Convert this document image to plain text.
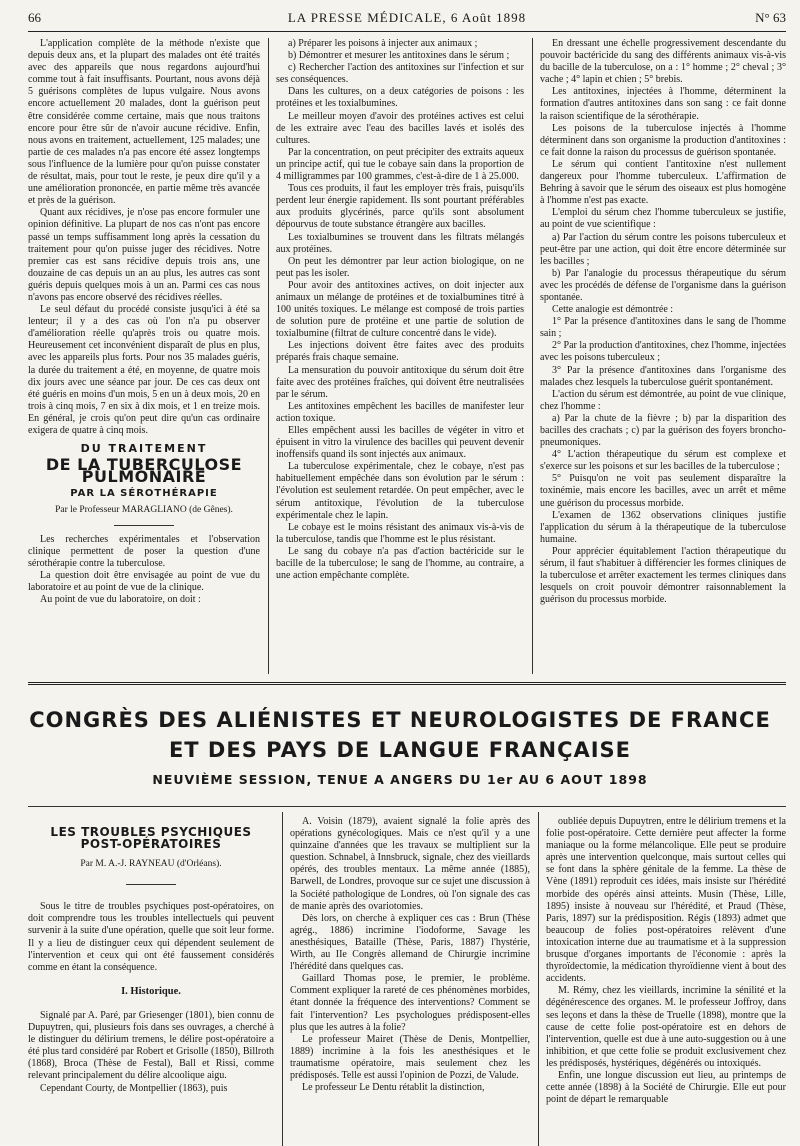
66	LA PRESSE MÉDICALE, 6 Août 1898	N° 63

L'application complète de la méthode n'existe que depuis deux ans, et la plupart des malades ont été traités avec des appareils que nous regardons aujourd'hui comme tout à fait insuffisants. Pourtant, nous avons déjà 5 guérisons complètes de lupus vulgaire. Nous avons encore actuellement 20 malades, dont la guérison peut être considérée comme certaine, mais que nous traitons encore pour être sûr de n'avoir aucune récidive. Enfin, nous avons en traitement, actuellement, 125 malades; une partie de ces malades n'a pas encore été assez longtemps sous l'influence de la lumière pour qu'on puisse constater de résultat, mais, pour tout le reste, je peux dire qu'il y a une amélioration prononcée, en partie même très avancée et près de la guérison.

Quant aux récidives, je n'ose pas encore formuler une opinion définitive. La plupart de nos cas n'ont pas encore passé un temps suffisamment long après la cessation du traitement pour qu'on puisse juger des récidives. Notre premier cas est sans récidive depuis trois ans, une douzaine de cas depuis un an au plus, les autres cas sont guéris depuis quelques mois à un an. Parmi ces cas nous n'avons pas encore observé des récidives réelles.

Le seul défaut du procédé consiste jusqu'ici à été sa lenteur; il y a des cas où l'on n'a pu observer d'amélioration réelle qu'après trois ou quatre mois. Heureusement cet inconvénient disparaît de plus en plus, avec les appareils plus forts. Pour nos 35 malades guéris, la durée du traitement a été, en moyenne, de quatre mois dix jours avec une séance par jour. De ces cas deux ont été guéris en moins d'un mois, 5 en un à deux mois, 20 en trois à cinq mois, 7 en six à dix mois, et 1 en treize mois. En général, je crois qu'on peut dire qu'un cas ordinaire exigera de quatre à cinq mois.

DU TRAITEMENT
DE LA TUBERCULOSE PULMONAIRE
PAR LA SÉROTHÉRAPIE
Par le Professeur MARAGLIANO (de Gênes).

Les recherches expérimentales et l'observation clinique permettent de poser la question d'une sérothérapie contre la tuberculose.

La question doit être envisagée au point de vue du laboratoire et au point de vue de la clinique.

Au point de vue du laboratoire, on doit :

a) Préparer les poisons à injecter aux animaux ;

b) Démontrer et mesurer les antitoxines dans le sérum ;

c) Rechercher l'action des antitoxines sur l'infection et sur ses conséquences.

Dans les cultures, on a deux catégories de poisons : les protéines et les toxialbumines.

Le meilleur moyen d'avoir des protéines actives est celui de les extraire avec l'eau des bacilles lavés et isolés des cultures.

Par la concentration, on peut précipiter des extraits aqueux un principe actif, qui tue le cobaye sain dans la proportion de 4 milligrammes par 100 grammes, c'est-à-dire de 1 à 25.000.

Tous ces produits, il faut les employer très frais, puisqu'ils perdent leur énergie rapidement. Ils sont pourtant préférables aux produits glycérinés, parce qu'ils sont absolument dépourvus de toute substance étrangère aux bacilles.

Les toxialbumines se trouvent dans les filtrats mélangés aux protéines.

On peut les démontrer par leur action biologique, on ne peut pas les isoler.

Pour avoir des antitoxines actives, on doit injecter aux animaux un mélange de protéines et de toxialbumines titré à 100 unités toxiques. Le mélange est composé de trois parties de solution pure de protéine et une partie de solution de toxialbumine (filtrat de culture concentré dans le vide).

Les injections doivent être faites avec des produits préparés frais chaque semaine.

La mensuration du pouvoir antitoxique du sérum doit être faite avec des protéines fraîches, qui doivent être neutralisées par le sérum.

Les antitoxines empêchent les bacilles de manifester leur action toxique.

Elles empêchent aussi les bacilles de végéter in vitro et épuisent in vitro la virulence des bacilles qui peuvent devenir inoffensifs quand ils sont injectés aux animaux.

La tuberculose expérimentale, chez le cobaye, n'est pas habituellement empêchée dans son évolution par le sérum : l'évolution est seulement retardée. On peut empêcher, avec le sérum antitoxique, l'évolution de la tuberculose expérimentale chez le lapin.

Le cobaye est le moins résistant des animaux vis-à-vis de la tuberculose, tandis que l'homme est le plus résistant.

Le sang du cobaye n'a pas d'action bactéricide sur le bacille de la tuberculose; le sang de l'homme, au contraire, a une action empêchante complète.

En dressant une échelle progressivement descendante du pouvoir bactéricide du sang des différents animaux vis-à-vis du bacille de la tuberculose, on a : 1° homme ; 2° cheval ; 3° vache ; 4° lapin et chien ; 5° brebis.

Les antitoxines, injectées à l'homme, déterminent la formation d'autres antitoxines dans son sang : ce fait donne la raison scientifique de la sérothérapie.

Les poisons de la tuberculose injectés à l'homme déterminent dans son organisme la production d'antitoxines : ce fait donne la raison du processus de guérison spontanée.

Le sérum qui contient l'antitoxine n'est nullement dangereux pour l'homme tuberculeux. L'affirmation de Behring à savoir que le sérum des oiseaux est plus homogène à l'homme n'est pas exacte.

L'emploi du sérum chez l'homme tuberculeux se justifie, au point de vue scientifique :

a) Par l'action du sérum contre les poisons tuberculeux et peut-être par une action, qui doit être encore déterminée sur les bacilles ;

b) Par l'analogie du processus thérapeutique du sérum avec les procédés de défense de l'organisme dans la guérison spontanée.

Cette analogie est démontrée :

1° Par la présence d'antitoxines dans le sang de l'homme sain ;

2° Par la production d'antitoxines, chez l'homme, injectées avec les poisons tuberculeux ;

3° Par la présence d'antitoxines dans l'organisme des malades chez lesquels la tuberculose guérit spontanément.

L'action du sérum est démontrée, au point de vue clinique, chez l'homme :

a) Par la chute de la fièvre ; b) par la disparition des bacilles des crachats ; c) par la guérison des foyers broncho-pneumoniques.

4° L'action thérapeutique du sérum est complexe et s'exerce sur les poisons et sur les bacilles de la tuberculose ;

5° Puisqu'on ne voit pas seulement disparaître la toxinémie, mais encore les bacilles, avec un arrêt et même une guérison du processus morbide.

L'examen de 1362 observations cliniques justifie l'application du sérum à la thérapeutique de la tuberculose humaine.

Pour apprécier équitablement l'action thérapeutique du sérum, il faut s'habituer à différencier les formes cliniques de la tuberculose et arrêter exactement les termes cliniques dans lesquels on croit pouvoir démontrer raisonnablement la guérison du processus morbide.

CONGRÈS DES ALIÉNISTES ET NEUROLOGISTES DE FRANCE
ET DES PAYS DE LANGUE FRANÇAISE
NEUVIÈME SESSION, TENUE A ANGERS DU 1er AU 6 AOUT 1898
LES TROUBLES PSYCHIQUES POST-OPÉRATOIRES
Par M. A.-J. RAYNEAU (d'Orléans).

Sous le titre de troubles psychiques post-opératoires, on doit comprendre tous les troubles intellectuels qui peuvent survenir à la suite d'une opération, quelle que soit leur forme. Il y a lieu de distinguer ceux qui dépendent seulement de l'intervention et ceux qui ont été faussement considérés comme en étant la conséquence.

I. Historique.

Signalé par A. Paré, par Griesenger (1801), bien connu de Dupuytren, qui, plusieurs fois dans ses ouvrages, a cherché à le distinguer du délirium tremens, le délire post-opératoire a été plus tard considéré par Robert et Grisolle (1850), Billroth (1868), Broca (Thèse de Festal), Ball et Rissi, comme relevant principalement du délire alcoolique aigu.

Cependant Courty, de Montpellier (1863), puis

A. Voisin (1879), avaient signalé la folie après des opérations gynécologiques. Mais ce n'est qu'il y a une quinzaine d'années que les travaux se multiplient sur la question. Schnabel, à Innsbruck, signale, chez des vieillards opérés, des troubles mentaux. La même année (1885), Barwell, de Londres, provoque sur ce sujet une discussion à la Société pathologique de Londres, où l'on signale des cas de manie après des ovariotomies.

Dès lors, on cherche à expliquer ces cas : Brun (Thèse agrég., 1886) incrimine l'iodoforme, Savage les anesthésiques, Bataille (Thèse, Paris, 1887) l'hystérie, Wirth, au IIe Congrès allemand de Chirurgie incrimine l'hérédité dans quelques cas.

Gaillard Thomas pose, le premier, le problème. Comment expliquer la rareté de ces phénomènes morbides, étant donnée la fréquence des interventions? Comment se fait l'intervention? Les psychologues prédisposent-elles plus que les autres à la folie?

Le professeur Mairet (Thèse de Denis, Montpellier, 1889) incrimine à la fois les anesthésiques et le traumatisme opératoire, mais seulement chez les prédisposés. Telle est aussi l'opinion de Pozzi, de Valude.

Le professeur Le Dentu rétablit la distinction,

oubliée depuis Dupuytren, entre le délirium tremens et la folie post-opératoire. Cette dernière peut affecter la forme maniaque ou la forme mélancolique. Elle peut se produire après une intervention quelconque, mais surtout celles qui se font dans la sphère génitale de la femme. La thèse de Vène (1891) reproduit ces idées, mais insiste sur l'hérédité morbide des opérés ainsi atteints. Musin (Thèse, Lille, 1895) insiste à nouveau sur l'hérédité, et Praud (Thèse, Paris, 1897) sur la prédisposition. Régis (1893) admet que beaucoup de folies post-opératoires relèvent d'une intoxication interne due au traumatisme et à la suppression brusque d'organes importants de l'économie : après la thyroïdectomie, la médication thyroïdienne vient à bout des accidents.

M. Rémy, chez les vieillards, incrimine la sénilité et la dégénérescence des organes. M. le professeur Joffroy, dans ses leçons et dans la thèse de Truelle (1898), montre que la cause de cette folie post-opératoire est en dehors de l'intervention, quelle est due à une auto-suggestion ou à une inhibition, et que cette folie se produit exclusivement chez les prédisposés, hystériques, dégénérés ou intoxiqués.

Enfin, une longue discussion eut lieu, au printemps de cette année (1898) à la Société de Chirurgie. Elle eut pour point de départ le remarquable
